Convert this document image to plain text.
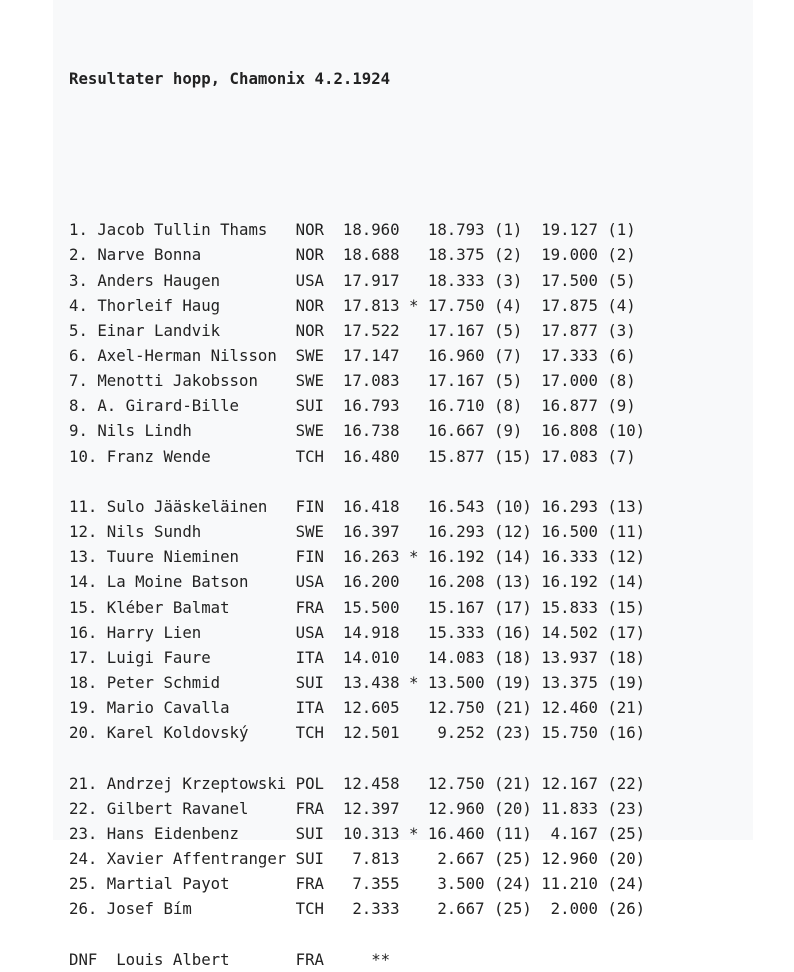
Resultater hopp, Chamonix 4.2.1924

1. Jacob Tullin Thams   NOR  18.960   18.793 (1)  19.127 (1)
2. Narve Bonna          NOR  18.688   18.375 (2)  19.000 (2)
3. Anders Haugen        USA  17.917   18.333 (3)  17.500 (5)
4. Thorleif Haug        NOR  17.813 * 17.750 (4)  17.875 (4)
5. Einar Landvik        NOR  17.522   17.167 (5)  17.877 (3)
6. Axel-Herman Nilsson  SWE  17.147   16.960 (7)  17.333 (6)
7. Menotti Jakobsson    SWE  17.083   17.167 (5)  17.000 (8)
8. A. Girard-Bille      SUI  16.793   16.710 (8)  16.877 (9)
9. Nils Lindh           SWE  16.738   16.667 (9)  16.808 (10)
10. Franz Wende         TCH  16.480   15.877 (15) 17.083 (7)
11. Sulo Jääskeläinen   FIN  16.418   16.543 (10) 16.293 (13)
12. Nils Sundh          SWE  16.397   16.293 (12) 16.500 (11)
13. Tuure Nieminen      FIN  16.263 * 16.192 (14) 16.333 (12)
14. La Moine Batson     USA  16.200   16.208 (13) 16.192 (14)
15. Kléber Balmat       FRA  15.500   15.167 (17) 15.833 (15)
16. Harry Lien          USA  14.918   15.333 (16) 14.502 (17)
17. Luigi Faure         ITA  14.010   14.083 (18) 13.937 (18)
18. Peter Schmid        SUI  13.438 * 13.500 (19) 13.375 (19)
19. Mario Cavalla       ITA  12.605   12.750 (21) 12.460 (21)
20. Karel Koldovský     TCH  12.501    9.252 (23) 15.750 (16)
21. Andrzej Krzeptowski POL  12.458   12.750 (21) 12.167 (22)
22. Gilbert Ravanel     FRA  12.397   12.960 (20) 11.833 (23)
23. Hans Eidenbenz      SUI  10.313 * 16.460 (11)  4.167 (25)
24. Xavier Affentranger SUI   7.813    2.667 (25) 12.960 (20)
25. Martial Payot       FRA   7.355    3.500 (24) 11.210 (24)
26. Josef Bím           TCH   2.333    2.667 (25)  2.000 (26)
DNF  Louis Albert       FRA     **
